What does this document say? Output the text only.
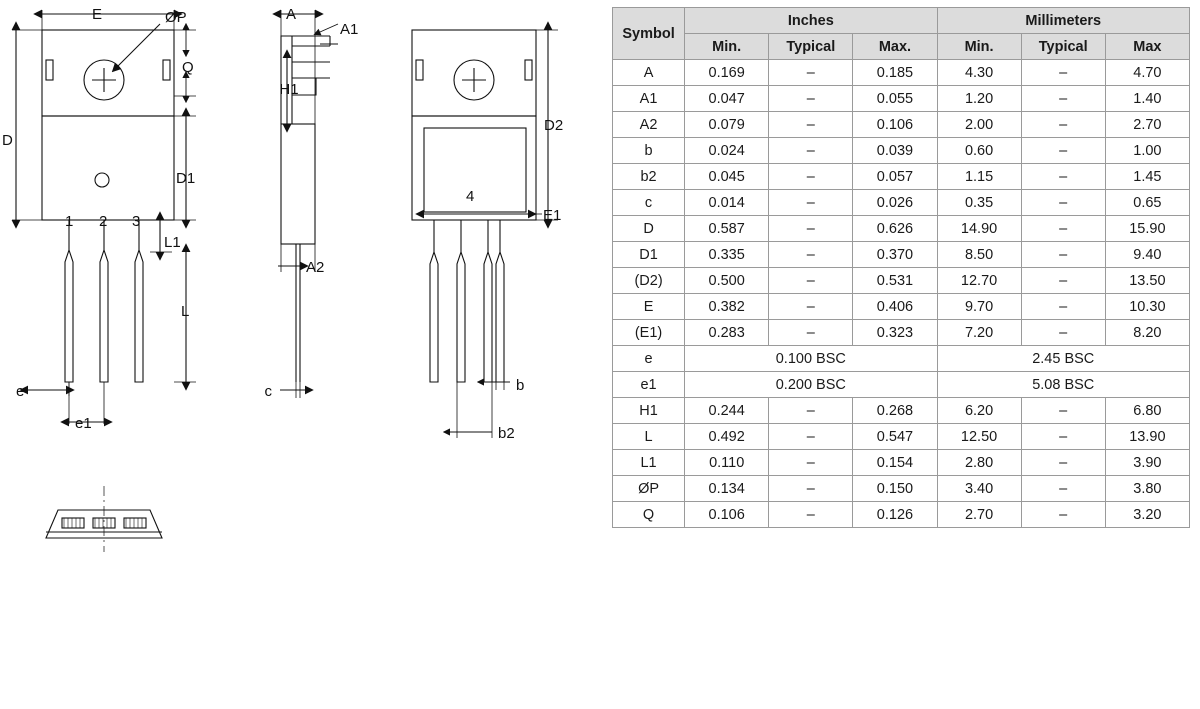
E	ØP
Q
D
D1
L1
L
e
e1
1 2 3
A
A1
H1
A2
c
D2
E1
b
b2
4
Symbol	Inches			Millimeters		
	Min.	Typical	Max.	Min.	Typical	Max
A	0.169	–	0.185	4.30	–	4.70
A1	0.047	–	0.055	1.20	–	1.40
A2	0.079	–	0.106	2.00	–	2.70
b	0.024	–	0.039	0.60	–	1.00
b2	0.045	–	0.057	1.15	–	1.45
c	0.014	–	0.026	0.35	–	0.65
D	0.587	–	0.626	14.90	–	15.90
D1	0.335	–	0.370	8.50	–	9.40
(D2)	0.500	–	0.531	12.70	–	13.50
E	0.382	–	0.406	9.70	–	10.30
(E1)	0.283	–	0.323	7.20	–	8.20
e	0.100 BSC			2.45 BSC		
e1	0.200 BSC			5.08 BSC		
H1	0.244	–	0.268	6.20	–	6.80
L	0.492	–	0.547	12.50	–	13.90
L1	0.110	–	0.154	2.80	–	3.90
ØP	0.134	–	0.150	3.40	–	3.80
Q	0.106	–	0.126	2.70	–	3.20
